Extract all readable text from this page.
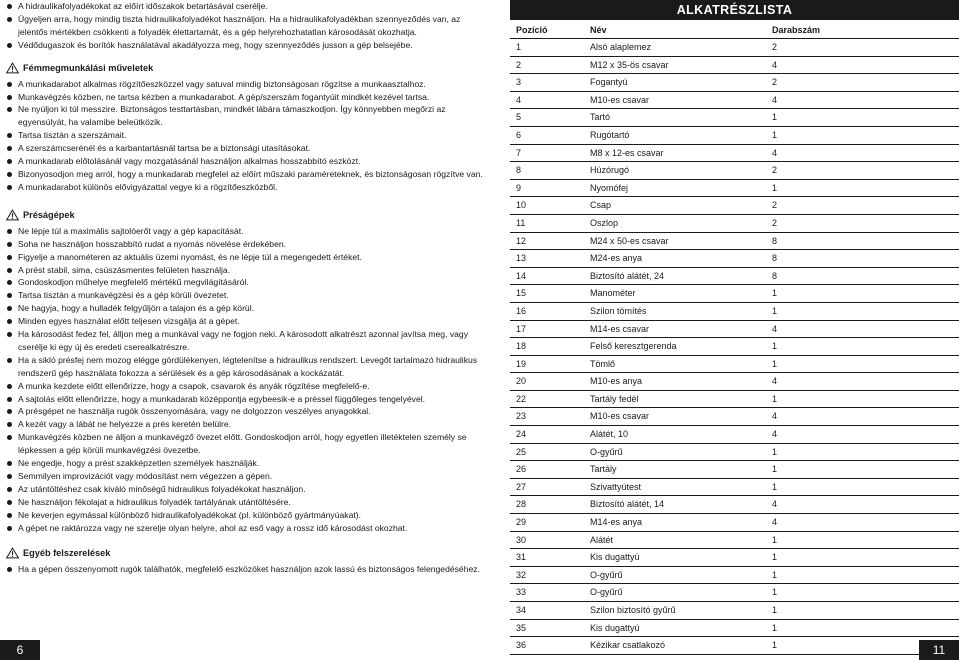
A hidraulikafolyadékokat az előírt időszakok betartásával cserélje.
Ügyeljen arra, hogy mindig tiszta hidraulikafolyadékot használjon. Ha a hidraulikafolyadékban szennyeződés van, az jelentős mértékben csökkenti a folyadék élettartamát, és a gép helyrehozhatatlan károsodását okozhatja.
Védődugaszok és borítók használatával akadályozza meg, hogy szennyeződés jusson a gép belsejébe.
Fémmegmunkálási műveletek
A munkadarabot alkalmas rögzítőeszközzel vagy satuval mindig biztonságosan rögzítse a munkaasztalhoz.
Munkavégzés közben, ne tartsa kézben a munkadarabot. A gép/szerszám fogantyúit mindkét kezével tartsa.
Ne nyúljon ki túl messzire. Biztonságos testtartásban, mindkét lábára támaszkodjon. Így könnyebben megőrzi az egyensúlyát, ha valamibe beleütközik.
Tartsa tisztán a szerszámait.
A szerszámcserénél és a karbantartásnál tartsa be a biztonsági utasításokat.
A munkadarab előtolásánál vagy mozgatásánál használjon alkalmas hosszabbító eszközt.
Bizonyosodjon meg arról, hogy a munkadarab megfelel az előírt műszaki paraméreteknek, és biztonságosan rögzítve van.
A munkadarabot különös elővigyázattal vegye ki a rögzítőeszközből.
Préságépek
Ne lépje túl a maximális sajtolóerőt vagy a gép kapacitását.
Soha ne használjon hosszabbító rudat a nyomás növelése érdekében.
Figyelje a manométeren az aktuális üzemi nyomást, és ne lépje túl a megengedett értéket.
A prést stabil, sima, csúszásmentes felületen használja.
Gondoskodjon műhelye megfelelő mértékű megvilágításáról.
Tartsa tisztán a munkavégzési és a gép körüli övezetet.
Ne hagyja, hogy a hulladék felgyűljön a talajon és a gép körül.
Minden egyes használat előtt teljesen vizsgálja át a gépet.
Ha károsodást fedez fel, álljon meg a munkával vagy ne fogjon neki. A károsodott alkatrészt azonnal javítsa meg, vagy cserélje ki egy új és eredeti cserealkatrészre.
Ha a sikló présfej nem mozog elégge gördülékenyen, légtelenítse a hidraulikus rendszert. Levegőt tartalmazó hidraulikus rendszerű gép használata fokozza a sérülések és a gép károsodásának a kockázatát.
A munka kezdete előtt ellenőrizze, hogy a csapok, csavarok és anyák rögzítése megfelelő-e.
A sajtolás előtt ellenőrizze, hogy a munkadarab középpontja egybeesik-e a préssel függőleges tengelyével.
A présgépet ne használja rugók összenyomására, vagy ne dolgozzon veszélyes anyagokkal.
A kezét vagy a lábát ne helyezze a prés keretén belülre.
Munkavégzés közben ne álljon a munkavégző övezet előtt. Gondoskodjon arról, hogy egyetlen illetéktelen személy se lépkessen a gép körüli munkavégzési övezetbe.
Ne engedje, hogy a prést szakképzetlen személyek használják.
Semmilyen improvizációt vagy módosítást nem végezzen a gépen.
Az utántöltéshez csak kiváló minőségű hidraulikus folyadékokat használjon.
Ne használjon fékolajat a hidraulikus folyadék tartályának utántöltésére.
Ne keverjen egymással különböző hidraulikafolyadékokat (pl. különböző gyártmányúakat).
A gépet ne raktározza vagy ne szerelje olyan helyre, ahol az eső vagy a rossz idő károsodást okozhat.
Egyéb felszerelések
Ha a gépen összenyomott rugók találhatók, megfelelő eszközöket használjon azok lassú és biztonságos felengedéséhez.
ALKATRÉSZLISTA
Pozíció	Név	Darabszám
1	Alsó alaplemez	2
2	M12 x 35-ös csavar	4
3	Fogantyú	2
4	M10-es csavar	4
5	Tartó	1
6	Rugótartó	1
7	M8 x 12-es csavar	4
8	Húzórugó	2
9	Nyomófej	1
10	Csap	2
11	Oszlop	2
12	M24 x 50-es csavar	8
13	M24-es anya	8
14	Biztosító alátét, 24	8
15	Manométer	1
16	Szilon tömítés	1
17	M14-es csavar	4
18	Felső keresztgerenda	1
19	Tömlő	1
20	M10-es anya	4
22	Tartály fedél	1
23	M10-es csavar	4
24	Alátét, 10	4
25	O-gyűrű	1
26	Tartály	1
27	Szivattyútest	1
28	Biztosító alátét, 14	4
29	M14-es anya	4
30	Alátét	1
31	Kis dugattyú	1
32	O-gyűrű	1
33	O-gyűrű	1
34	Szilon biztosító gyűrű	1
35	Kis dugattyú	1
36	Kézikar csatlakozó	1
6	11
